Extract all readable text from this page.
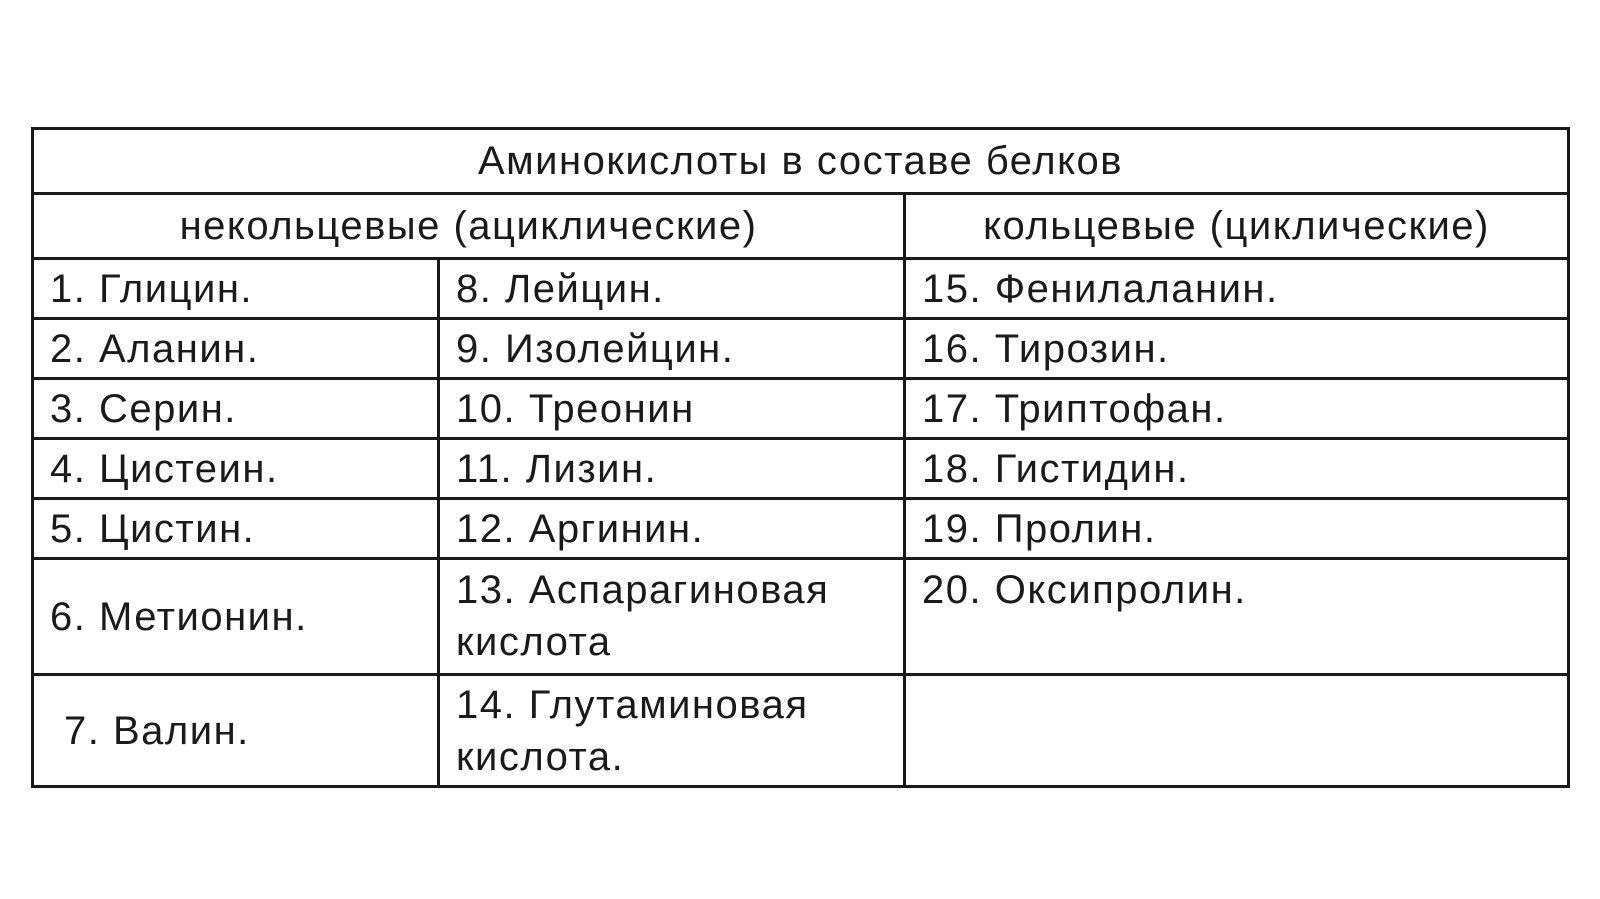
Аминокислоты в составе белков		
некольцевые (ациклические)		кольцевые (циклические)
1. Глицин.	8. Лейцин.	15. Фенилаланин.
2. Аланин.	9. Изолейцин.	16. Тирозин.
3. Серин.	10. Треонин	17. Триптофан.
4. Цистеин.	11. Лизин.	18. Гистидин.
5. Цистин.	12. Аргинин.	19. Пролин.
6. Метионин.	13. Аспарагиновая кислота	20. Оксипролин.
7. Валин.	14. Глутаминовая кислота.	
